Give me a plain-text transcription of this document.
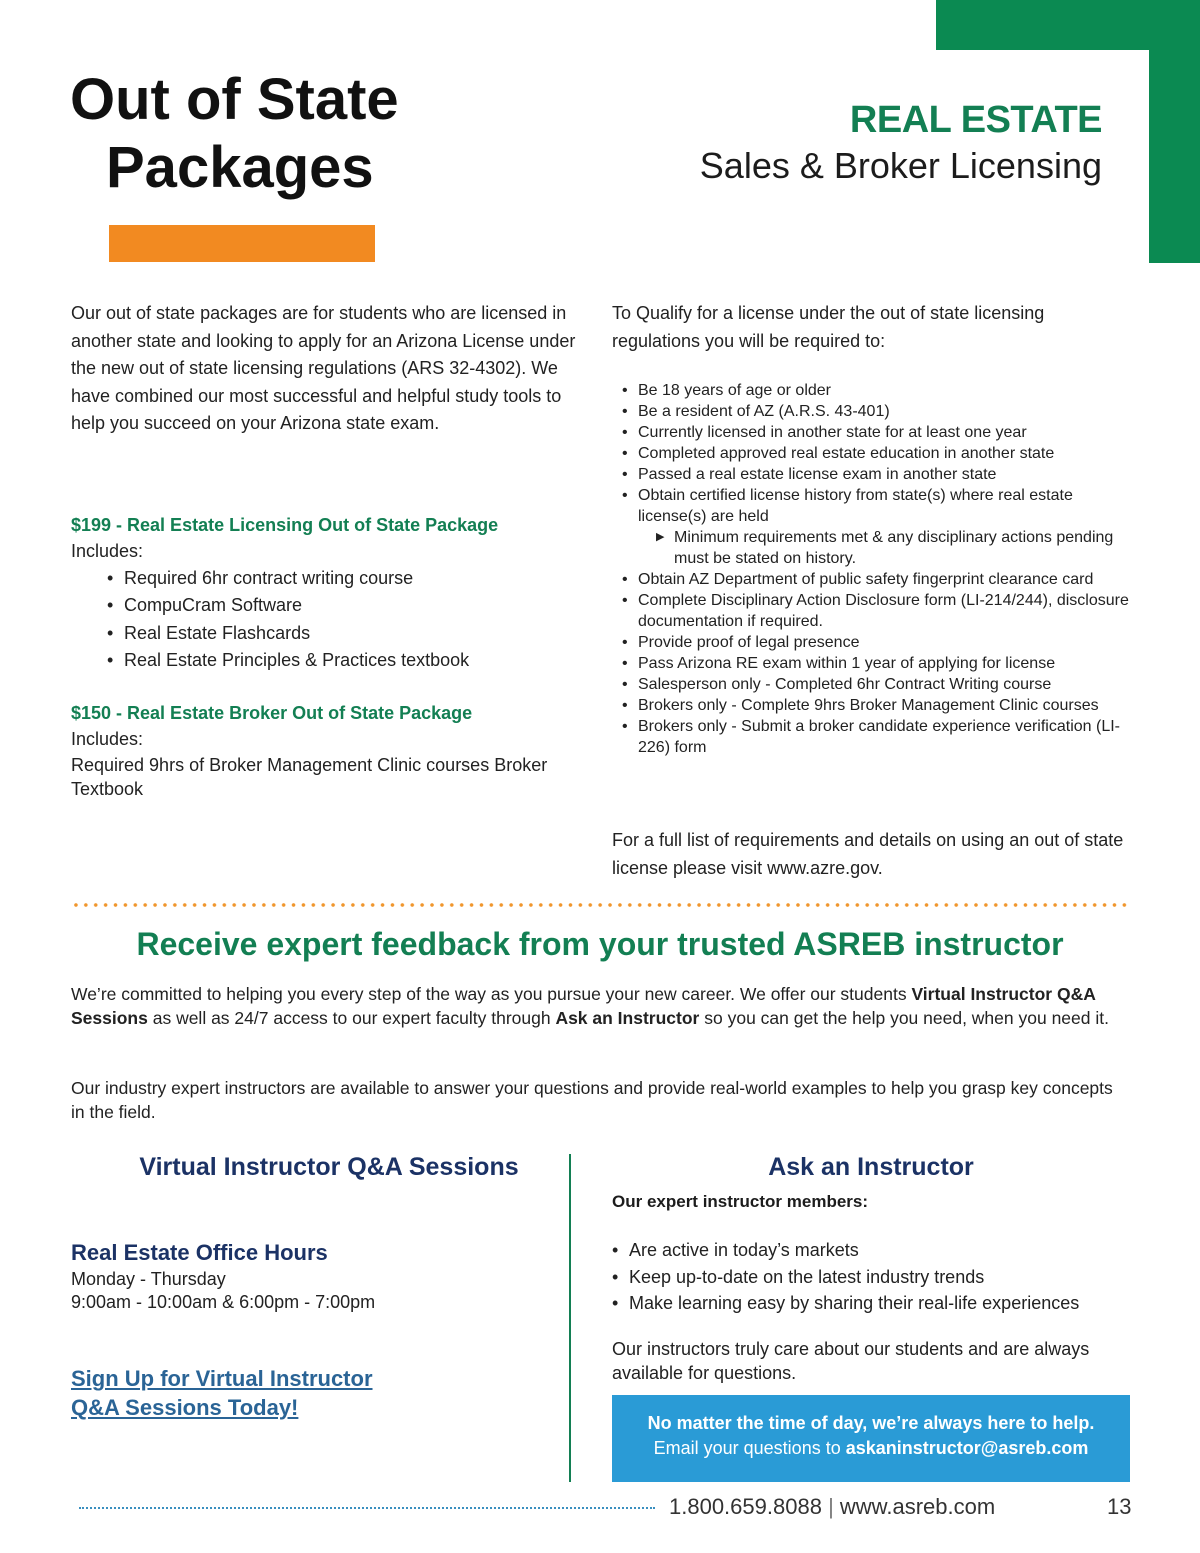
Out of State
Packages
REAL ESTATE
Sales & Broker Licensing
Our out of state packages are for students who are licensed in another state and looking to apply for an Arizona License under the new out of state licensing regulations (ARS 32-4302). We have combined our most successful and helpful study tools to help you succeed on your Arizona state exam.
$199 - Real Estate Licensing Out of State Package
Includes:
• Required 6hr contract writing course
• CompuCram Software
• Real Estate Flashcards
• Real Estate Principles & Practices textbook
$150 - Real Estate Broker Out of State Package
Includes:
Required 9hrs of Broker Management Clinic courses Broker Textbook
To Qualify for a license under the out of state licensing regulations you will be required to:
• Be 18 years of age or older
• Be a resident of AZ (A.R.S. 43-401)
• Currently licensed in another state for at least one year
• Completed approved real estate education in another state
• Passed a real estate license exam in another state
• Obtain certified license history from state(s) where real estate license(s) are held
▶ Minimum requirements met & any disciplinary actions pending must be stated on history.
• Obtain AZ Department of public safety fingerprint clearance card
• Complete Disciplinary Action Disclosure form (LI-214/244), disclosure documentation if required.
• Provide proof of legal presence
• Pass Arizona RE exam within 1 year of applying for license
• Salesperson only - Completed 6hr Contract Writing course
• Brokers only - Complete 9hrs Broker Management Clinic courses
• Brokers only - Submit a broker candidate experience verification (LI-226) form
For a full list of requirements and details on using an out of state license please visit www.azre.gov.
Receive expert feedback from your trusted ASREB instructor
We’re committed to helping you every step of the way as you pursue your new career. We offer our students Virtual Instructor Q&A Sessions as well as 24/7 access to our expert faculty through Ask an Instructor so you can get the help you need, when you need it.
Our industry expert instructors are available to answer your questions and provide real-world examples to help you grasp key concepts in the field.
Virtual Instructor Q&A Sessions
Real Estate Office Hours
Monday - Thursday
9:00am - 10:00am & 6:00pm - 7:00pm
Sign Up for Virtual Instructor
Q&A Sessions Today!
Ask an Instructor
Our expert instructor members:
• Are active in today’s markets
• Keep up-to-date on the latest industry trends
• Make learning easy by sharing their real-life experiences
Our instructors truly care about our students and are always available for questions.
No matter the time of day, we’re always here to help.
Email your questions to askaninstructor@asreb.com
1.800.659.8088 | www.asreb.com	13
